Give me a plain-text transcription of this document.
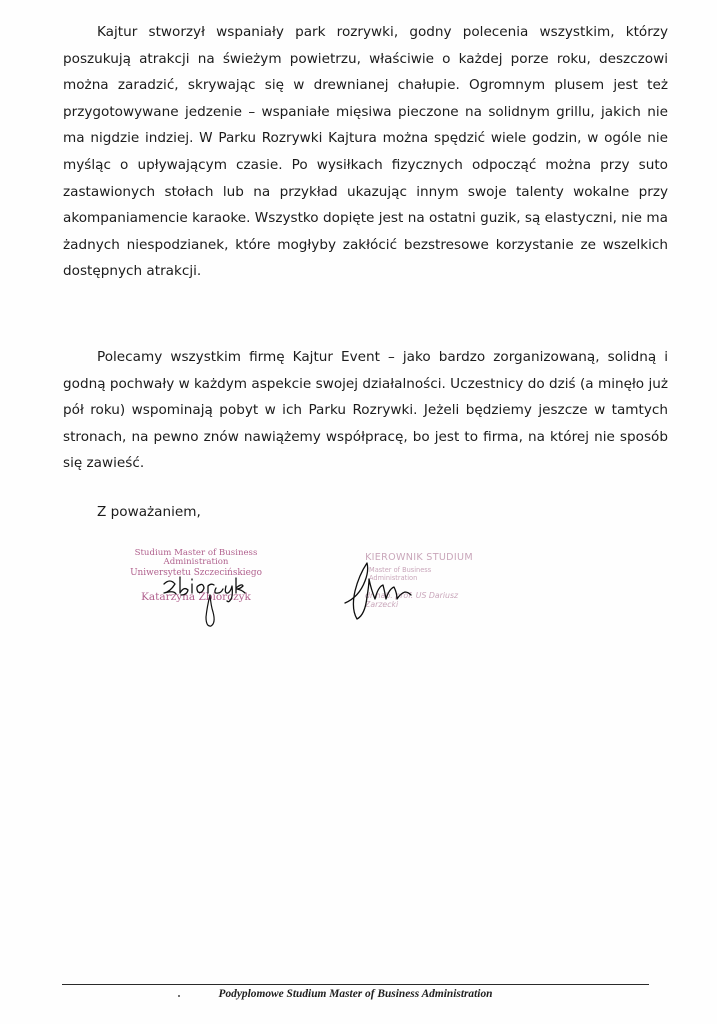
Kajtur stworzył wspaniały park rozrywki, godny polecenia wszystkim, którzy poszukują atrakcji na świeżym powietrzu, właściwie o każdej porze roku, deszczowi można zaradzić, skrywając się w drewnianej chałupie. Ogromnym plusem jest też przygotowywane jedzenie – wspaniałe mięsiwa pieczone na solidnym grillu, jakich nie ma nigdzie indziej. W Parku Rozrywki Kajtura można spędzić wiele godzin, w ogóle nie myśląc o upływającym czasie. Po wysiłkach fizycznych odpocząć można przy suto zastawionych stołach lub na przykład ukazując innym swoje talenty wokalne przy akompaniamencie karaoke. Wszystko dopięte jest na ostatni guzik, są elastyczni, nie ma żadnych niespodzianek, które mogłyby zakłócić bezstresowe korzystanie ze wszelkich dostępnych atrakcji.

Polecamy wszystkim firmę Kajtur Event – jako bardzo zorganizowaną, solidną i godną pochwały w każdym aspekcie swojej działalności. Uczestnicy do dziś (a minęło już pół roku) wspominają pobyt w ich Parku Rozrywki. Jeżeli będziemy jeszcze w tamtych stronach, na pewno znów nawiążemy współpracę, bo jest to firma, na której nie sposób się zawieść.

Z poważaniem,
Studium Master of Business Administration
Uniwersytetu Szczecińskiego
Katarzyna Zbiorczyk
KIEROWNIK STUDIUM
Master of Business Administration
dr hab. prof. US Dariusz Zarzecki
Podyplomowe Studium Master of Business Administration
